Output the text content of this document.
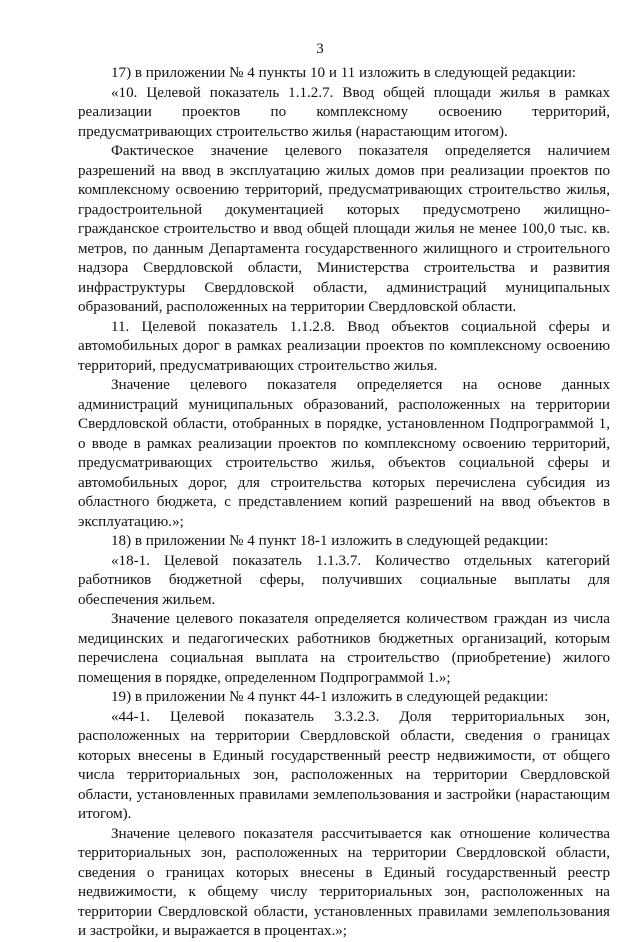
3

17) в приложении № 4 пункты 10 и 11 изложить в следующей редакции:

«10. Целевой показатель 1.1.2.7. Ввод общей площади жилья в рамках реализации проектов по комплексному освоению территорий, предусматривающих строительство жилья (нарастающим итогом).

Фактическое значение целевого показателя определяется наличием разрешений на ввод в эксплуатацию жилых домов при реализации проектов по комплексному освоению территорий, предусматривающих строительство жилья, градостроительной документацией которых предусмотрено жилищно-гражданское строительство и ввод общей площади жилья не менее 100,0 тыс. кв. метров, по данным Департамента государственного жилищного и строительного надзора Свердловской области, Министерства строительства и развития инфраструктуры Свердловской области, администраций муниципальных образований, расположенных на территории Свердловской области.

11. Целевой показатель 1.1.2.8. Ввод объектов социальной сферы и автомобильных дорог в рамках реализации проектов по комплексному освоению территорий, предусматривающих строительство жилья.

Значение целевого показателя определяется на основе данных администраций муниципальных образований, расположенных на территории Свердловской области, отобранных в порядке, установленном Подпрограммой 1, о вводе в рамках реализации проектов по комплексному освоению территорий, предусматривающих строительство жилья, объектов социальной сферы и автомобильных дорог, для строительства которых перечислена субсидия из областного бюджета, с представлением копий разрешений на ввод объектов в эксплуатацию.»;

18) в приложении № 4 пункт 18-1 изложить в следующей редакции:

«18-1. Целевой показатель 1.1.3.7. Количество отдельных категорий работников бюджетной сферы, получивших социальные выплаты для обеспечения жильем.

Значение целевого показателя определяется количеством граждан из числа медицинских и педагогических работников бюджетных организаций, которым перечислена социальная выплата на строительство (приобретение) жилого помещения в порядке, определенном Подпрограммой 1.»;

19) в приложении № 4 пункт 44-1 изложить в следующей редакции:

«44-1. Целевой показатель 3.3.2.3. Доля территориальных зон, расположенных на территории Свердловской области, сведения о границах которых внесены в Единый государственный реестр недвижимости, от общего числа территориальных зон, расположенных на территории Свердловской области, установленных правилами землепользования и застройки (нарастающим итогом).

Значение целевого показателя рассчитывается как отношение количества территориальных зон, расположенных на территории Свердловской области, сведения о границах которых внесены в Единый государственный реестр недвижимости, к общему числу территориальных зон, расположенных на территории Свердловской области, установленных правилами землепользования и застройки, и выражается в процентах.»;
